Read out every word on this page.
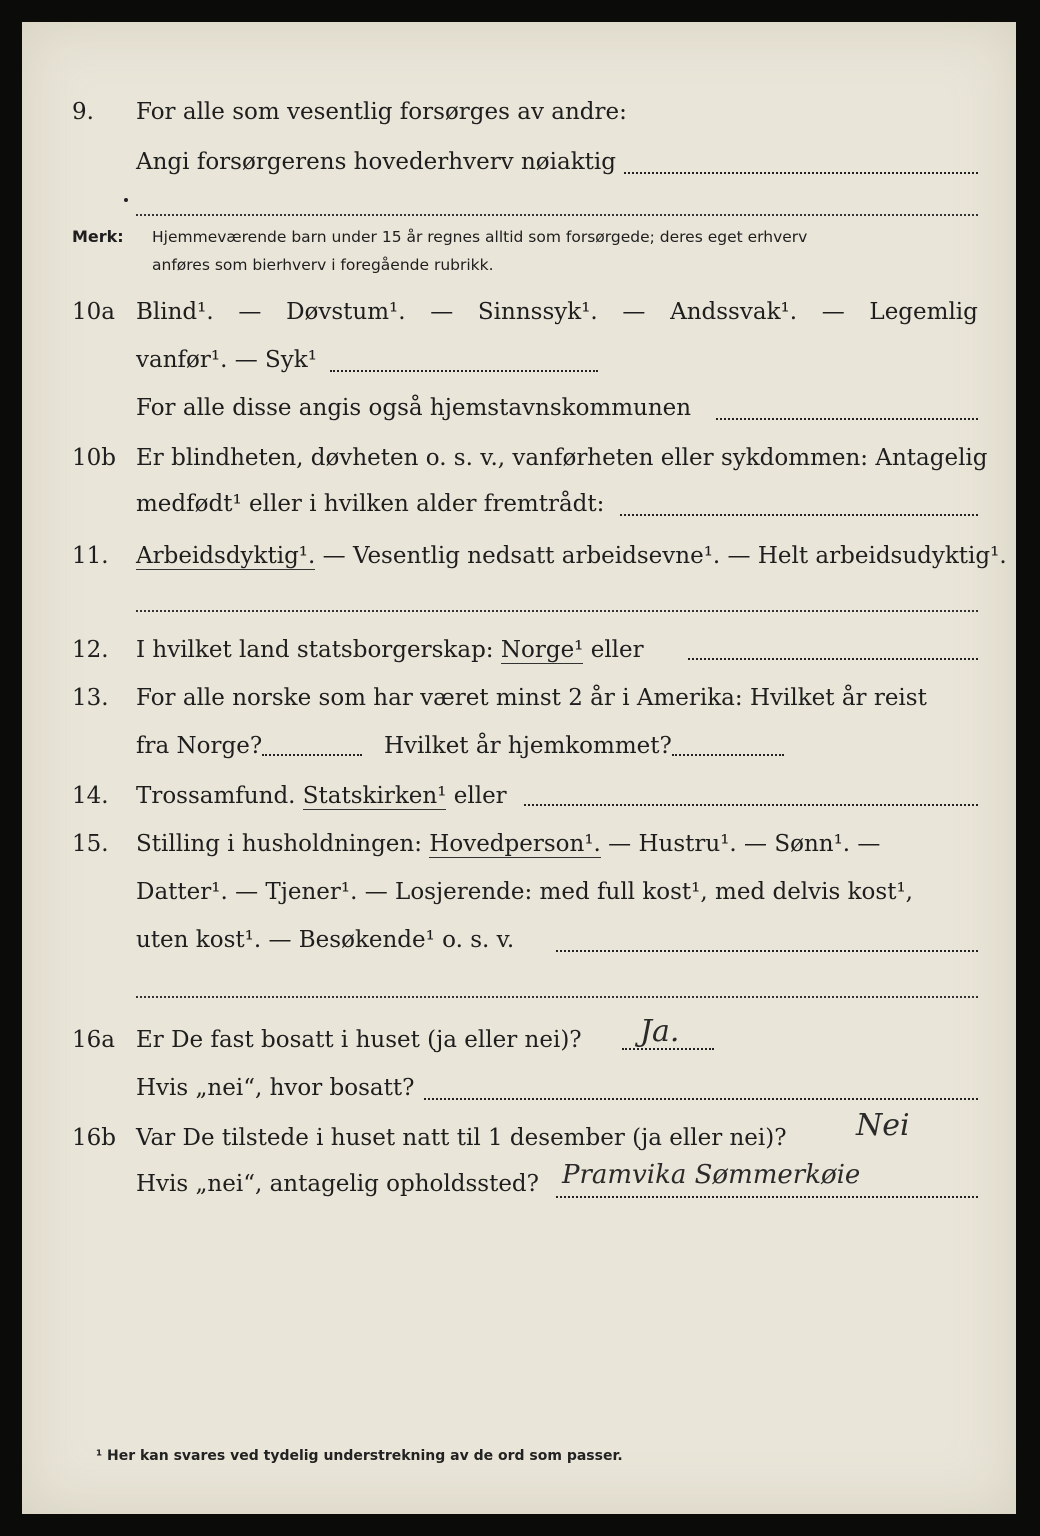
9. For alle som vesentlig forsørges av andre:
Angi forsørgerens hovederhverv nøiaktig
Merk: Hjemmeværende barn under 15 år regnes alltid som forsørgede; deres eget erhverv
anføres som bierhverv i foregående rubrikk.
10a Blind¹. — Døvstum¹. — Sinnssyk¹. — Andssvak¹. — Legemlig
vanfør¹. — Syk¹
For alle disse angis også hjemstavnskommunen
10b Er blindheten, døvheten o. s. v., vanførheten eller sykdommen: Antagelig
medfødt¹ eller i hvilken alder fremtrådt:
11. Arbeidsdyktig¹. — Vesentlig nedsatt arbeidsevne¹. — Helt arbeidsudyktig¹.
12. I hvilket land statsborgerskap: Norge¹ eller
13. For alle norske som har været minst 2 år i Amerika: Hvilket år reist
fra Norge?	Hvilket år hjemkommet?
14. Trossamfund. Statskirken¹ eller
15. Stilling i husholdningen: Hovedperson¹. — Hustru¹. — Sønn¹. —
Datter¹. — Tjener¹. — Losjerende: med full kost¹, med delvis kost¹,
uten kost¹. — Besøkende¹ o. s. v.
16a Er De fast bosatt i huset (ja eller nei)? Ja.
Hvis „nei“, hvor bosatt?
16b Var De tilstede i huset natt til 1 desember (ja eller nei)? Nei
Hvis „nei“, antagelig opholdssted? Pramvika Sømmerkøie
¹ Her kan svares ved tydelig understrekning av de ord som passer.
